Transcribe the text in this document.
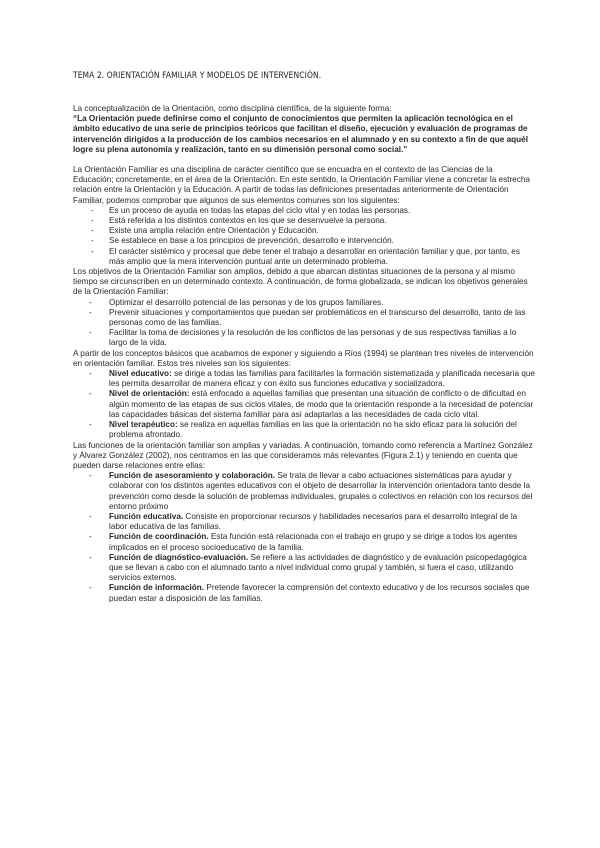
TEMA 2. ORIENTACIÓN FAMILIAR Y MODELOS DE INTERVENCIÓN.

La conceptualización de la Orientación, como disciplina científica, de la siguiente forma:

“La Orientación puede definirse como el conjunto de conocimientos que permiten la aplicación tecnológica en el ámbito educativo de una serie de principios teóricos que facilitan el diseño, ejecución y evaluación de programas de intervención dirigidos a la producción de los cambios necesarios en el alumnado y en su contexto a fin de que aquél logre su plena autonomía y realización, tanto en su dimensión personal como social.”

La Orientación Familiar es una disciplina de carácter científico que se encuadra en el contexto de las Ciencias de la Educación; concretamente, en el área de la Orientación. En este sentido, la Orientación Familiar viene a concretar la estrecha relación entre la Orientación y la Educación. A partir de todas las definiciones presentadas anteriormente de Orientación Familiar, podemos comprobar que algunos de sus elementos comunes son los siguientes:

- Es un proceso de ayuda en todas las etapas del ciclo vital y en todas las personas.
- Está referida a los distintos contextos en los que se desenvuelve la persona.
- Existe una amplia relación entre Orientación y Educación.
- Se establece en base a los principios de prevención, desarrollo e intervención.
- El carácter sistémico y procesal que debe tener el trabajo a desarrollar en orientación familiar y que, por tanto, es más amplio que la mera intervención puntual ante un determinado problema.

Los objetivos de la Orientación Familiar son amplios, debido a que abarcan distintas situaciones de la persona y al mismo tiempo se circunscriben en un determinado contexto. A continuación, de forma globalizada, se indican los objetivos generales de la Orientación Familiar:

- Optimizar el desarrollo potencial de las personas y de los grupos familiares.
- Prevenir situaciones y comportamientos que puedan ser problemáticos en el transcurso del desarrollo, tanto de las personas como de las familias.
- Facilitar la toma de decisiones y la resolución de los conflictos de las personas y de sus respectivas familias a lo largo de la vida.

A partir de los conceptos básicos que acabamos de exponer y siguiendo a Ríos (1994) se plantean tres niveles de intervención en orientación familiar. Estos tres niveles son los siguientes:

- Nivel educativo: se dirige a todas las familias para facilitarles la formación sistematizada y planificada necesaria que les permita desarrollar de manera eficaz y con éxito sus funciones educativa y socializadora.
- Nivel de orientación: está enfocado a aquellas familias que presentan una situación de conflicto o de dificultad en algún momento de las etapas de sus ciclos vitales, de modo que la orientación responde a la necesidad de potenciar las capacidades básicas del sistema familiar para así adaptarlas a las necesidades de cada ciclo vital.
- Nivel terapéutico: se realiza en aquellas familias en las que la orientación no ha sido eficaz para la solución del problema afrontado.

Las funciones de la orientación familiar son amplias y variadas. A continuación, tomando como referencia a Martínez González y Álvarez González (2002), nos centramos en las que consideramos más relevantes (Figura 2.1) y teniendo en cuenta que pueden darse relaciones entre ellas:

- Función de asesoramiento y colaboración. Se trata de llevar a cabo actuaciones sistemáticas para ayudar y colaborar con los distintos agentes educativos con el objeto de desarrollar la intervención orientadora tanto desde la prevención como desde la solución de problemas individuales, grupales o colectivos en relación con los recursos del entorno próximo
- Función educativa. Consiste en proporcionar recursos y habilidades necesarios para el desarrollo integral de la labor educativa de las familias.
- Función de coordinación. Esta función está relacionada con el trabajo en grupo y se dirige a todos los agentes implicados en el proceso socioeducativo de la familia.
- Función de diagnóstico-evaluación. Se refiere a las actividades de diagnóstico y de evaluación psicopedagógica que se llevan a cabo con el alumnado tanto a nivel individual como grupal y también, si fuera el caso, utilizando servicios externos.
- Función de información. Pretende favorecer la comprensión del contexto educativo y de los recursos sociales que puedan estar a disposición de las familias.
